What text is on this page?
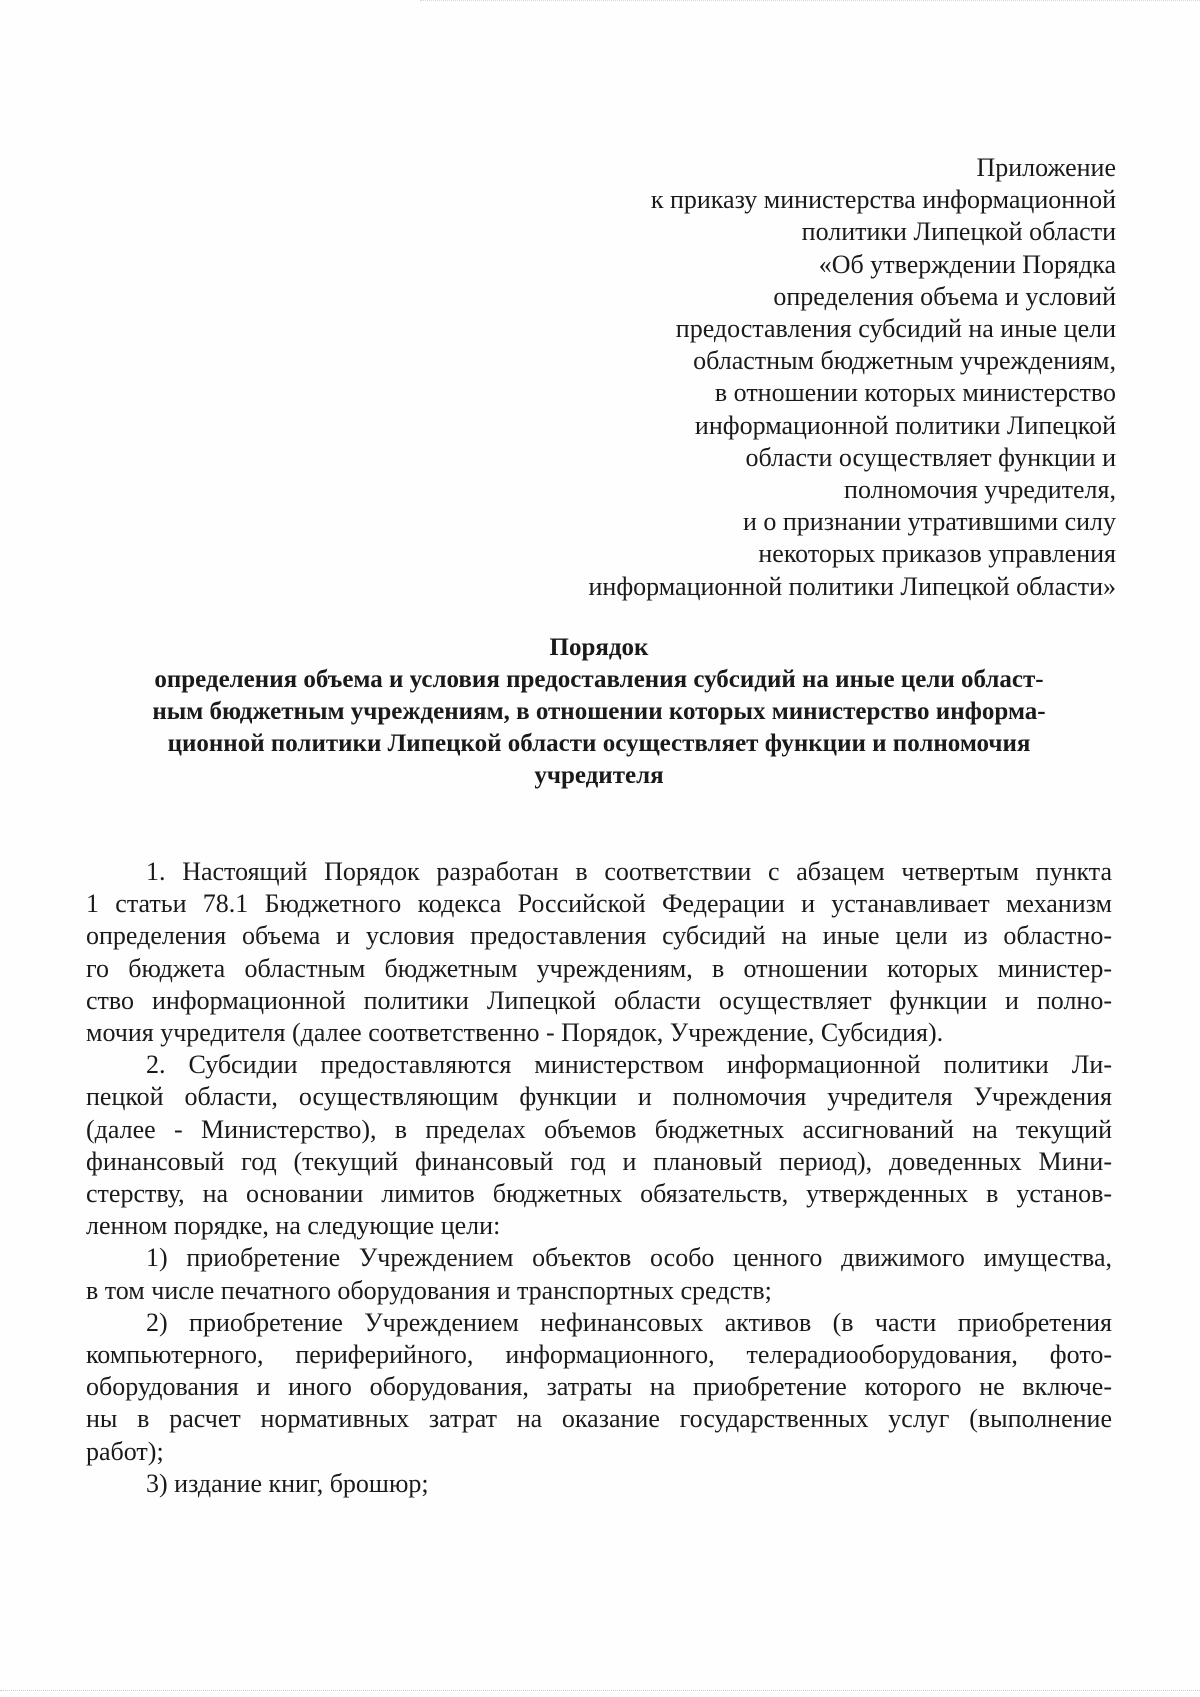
Приложение
к приказу министерства информационной
политики Липецкой области
«Об утверждении Порядка
определения объема и условий
предоставления субсидий на иные цели
областным бюджетным учреждениям,
в отношении которых министерство
информационной политики Липецкой
области осуществляет функции и
полномочия учредителя,
и о признании утратившими силу
некоторых приказов управления
информационной политики Липецкой области»
Порядок
определения объема и условия предоставления субсидий на иные цели област-
ным бюджетным учреждениям, в отношении которых министерство информа-
ционной политики Липецкой области осуществляет функции и полномочия
учредителя
1. Настоящий Порядок разработан в соответствии с абзацем четвертым пункта
1 статьи 78.1 Бюджетного кодекса Российской Федерации и устанавливает механизм
определения объема и условия предоставления субсидий на иные цели из областно-
го бюджета областным бюджетным учреждениям, в отношении которых министер-
ство информационной политики Липецкой области осуществляет функции и полно-
мочия учредителя (далее соответственно - Порядок, Учреждение, Субсидия).
2. Субсидии предоставляются министерством информационной политики Ли-
пецкой области, осуществляющим функции и полномочия учредителя Учреждения
(далее - Министерство), в пределах объемов бюджетных ассигнований на текущий
финансовый год (текущий финансовый год и плановый период), доведенных Мини-
стерству, на основании лимитов бюджетных обязательств, утвержденных в установ-
ленном порядке, на следующие цели:
1) приобретение Учреждением объектов особо ценного движимого имущества,
в том числе печатного оборудования и транспортных средств;
2) приобретение Учреждением нефинансовых активов (в части приобретения
компьютерного, периферийного, информационного, телерадиооборудования, фото-
оборудования и иного оборудования, затраты на приобретение которого не включе-
ны в расчет нормативных затрат на оказание государственных услуг (выполнение
работ);
3) издание книг, брошюр;
